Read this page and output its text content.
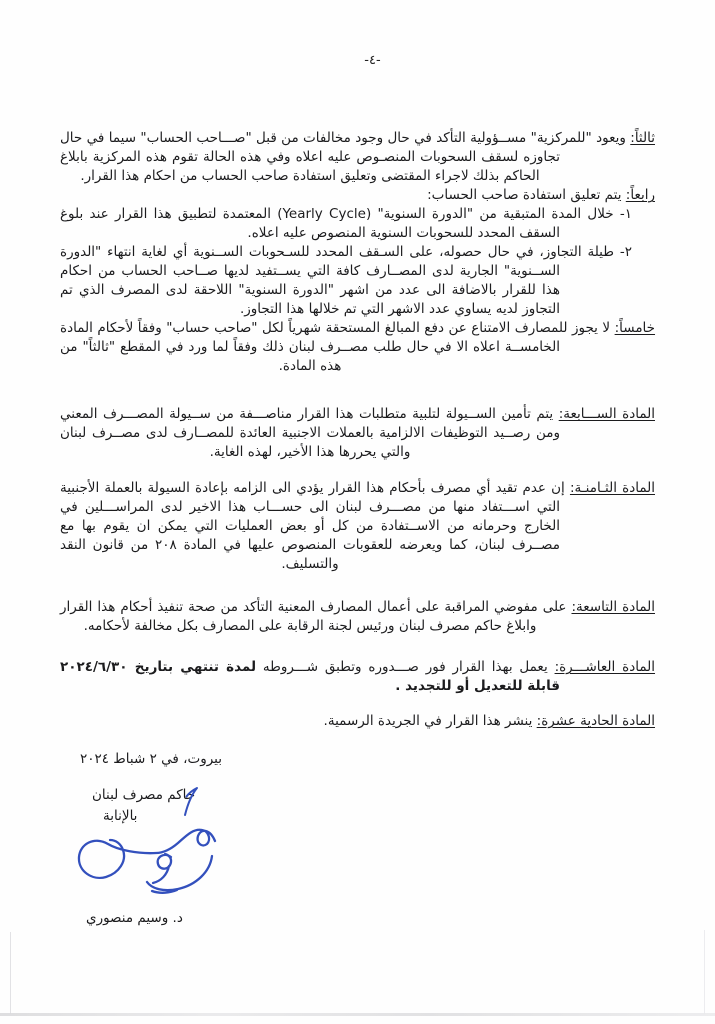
-٤-

ثالثاً: ويعود "للمركزية" مســؤولية التأكد في حال وجود مخالفات من قبل "صـــاحب الحساب" سيما في حال تجاوزه لسقف السحوبات المنصـوص عليه اعلاه وفي هذه الحالة تقوم هذه المركزية بابلاغ الحاكم بذلك لاجراء المقتضى وتعليق استفادة صاحب الحساب من احكام هذا القرار.

رابعاً: يتم تعليق استفادة صاحب الحساب:

١- خلال المدة المتبقية من "الدورة السنوية" (Yearly Cycle) المعتمدة لتطبيق هذا القرار عند بلوغ السقف المحدد للسحوبات السنوية المنصوص عليه اعلاه.

٢- طيلة التجاوز، في حال حصوله، على السـقف المحدد للسـحوبات الســنوية أي لغاية انتهاء "الدورة الســنوية" الجارية لدى المصــارف كافة التي يســتفيد لديها صــاحب الحساب من احكام هذا للقرار بالاضافة الى عدد من اشهر "الدورة السنوية" اللاحقة لدى المصرف الذي تم التجاوز لديه يساوي عدد الاشهر التي تم خلالها هذا التجاوز.

خامساً: لا يجوز للمصارف الامتناع عن دفع المبالغ المستحقة شهرياً لكل "صاحب حساب" وفقاً لأحكام المادة الخامســة اعلاه الا في حال طلب مصــرف لبنان ذلك وفقاً لما ورد في المقطع "ثالثاً" من هذه المادة.

المادة الســـابعة: يتم تأمين الســيولة لتلبية متطلبات هذا القرار مناصـــفة من ســيولة المصـــرف المعني ومن رصــيد التوظيفات الالزامية بالعملات الاجنبية العائدة للمصــارف لدى مصــرف لبنان والتي يحررها هذا الأخير، لهذه الغاية.

المادة الثـامنـة: إن عدم تقيد أي مصرف بأحكام هذا القرار يؤدي الى الزامه بإعادة السيولة بالعملة الأجنبية التي اســـتفاد منها من مصـــرف لبنان الى حســـاب هذا الاخير لدى المراســـلين في الخارج وحرمانه من الاســتفادة من كل أو بعض العمليات التي يمكن ان يقوم بها مع مصــرف لبنان، كما ويعرضه للعقوبات المنصوص عليها في المادة ٢٠٨ من قانون النقد والتسليف.

المادة التاسعة: على مفوضي المراقبة على أعمال المصارف المعنية التأكد من صحة تنفيذ أحكام هذا القرار وابلاغ حاكم مصرف لبنان ورئيس لجنة الرقابة على المصارف بكل مخالفة لأحكامه.

المادة العاشـــرة: يعمل بهذا القرار فور صـــدوره وتطبق شـــروطه لمدة تنتهي بتاريخ ٢٠٢٤/٦/٣٠ قابلة للتعديل أو للتجديد .

المادة الحادية عشرة: ينشر هذا القرار في الجريدة الرسمية.

بيروت، في ٢ شباط ٢٠٢٤
حاكم مصرف لبنان
بالإنابة
د. وسيم منصوري
